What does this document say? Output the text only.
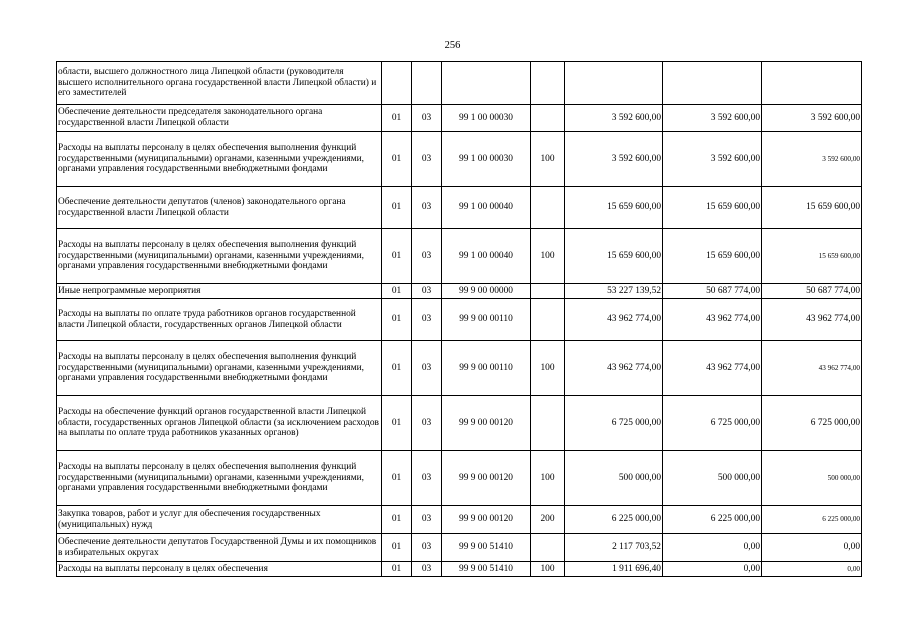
256
области, высшего должностного лица Липецкой области (руководителя высшего исполнительного органа государственной власти Липецкой области) и его заместителей							
Обеспечение деятельности председателя законодательного органа государственной власти Липецкой области	01	03	99 1 00 00030		3 592 600,00	3 592 600,00	3 592 600,00
Расходы на выплаты персоналу в целях обеспечения выполнения функций государственными (муниципальными) органами, казенными учреждениями, органами управления государственными внебюджетными фондами	01	03	99 1 00 00030	100	3 592 600,00	3 592 600,00	3 592 600,00
Обеспечение деятельности депутатов (членов) законодательного органа государственной власти Липецкой области	01	03	99 1 00 00040		15 659 600,00	15 659 600,00	15 659 600,00
Расходы на выплаты персоналу в целях обеспечения выполнения функций государственными (муниципальными) органами, казенными учреждениями, органами управления государственными внебюджетными фондами	01	03	99 1 00 00040	100	15 659 600,00	15 659 600,00	15 659 600,00
Иные непрограммные мероприятия	01	03	99 9 00 00000		53 227 139,52	50 687 774,00	50 687 774,00
Расходы на выплаты по оплате труда работников органов государственной власти Липецкой области, государственных органов Липецкой области	01	03	99 9 00 00110		43 962 774,00	43 962 774,00	43 962 774,00
Расходы на выплаты персоналу в целях обеспечения выполнения функций государственными (муниципальными) органами, казенными учреждениями, органами управления государственными внебюджетными фондами	01	03	99 9 00 00110	100	43 962 774,00	43 962 774,00	43 962 774,00
Расходы на обеспечение функций органов государственной власти Липецкой области, государственных органов Липецкой области (за исключением расходов на выплаты по оплате труда работников указанных органов)	01	03	99 9 00 00120		6 725 000,00	6 725 000,00	6 725 000,00
Расходы на выплаты персоналу в целях обеспечения выполнения функций государственными (муниципальными) органами, казенными учреждениями, органами управления государственными внебюджетными фондами	01	03	99 9 00 00120	100	500 000,00	500 000,00	500 000,00
Закупка товаров, работ и услуг для обеспечения государственных (муниципальных) нужд	01	03	99 9 00 00120	200	6 225 000,00	6 225 000,00	6 225 000,00
Обеспечение деятельности депутатов Государственной Думы и их помощников в избирательных округах	01	03	99 9 00 51410		2 117 703,52	0,00	0,00
Расходы на выплаты персоналу в целях обеспечения	01	03	99 9 00 51410	100	1 911 696,40	0,00	0,00
